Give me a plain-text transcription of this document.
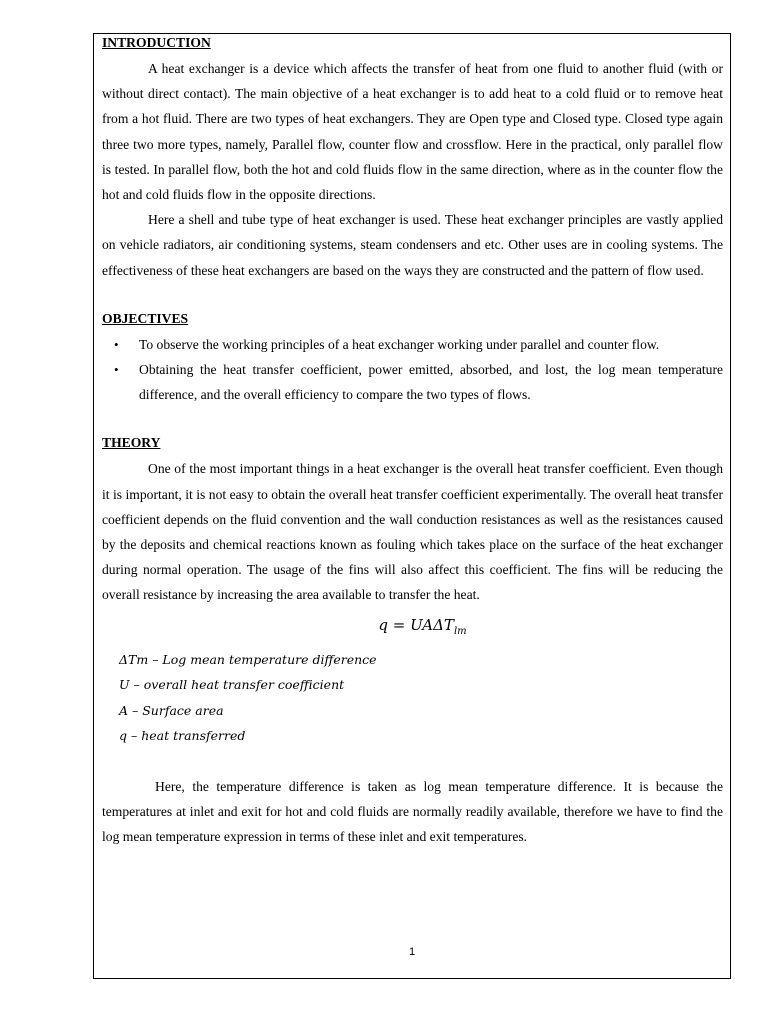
INTRODUCTION

A heat exchanger is a device which affects the transfer of heat from one fluid to another fluid (with or without direct contact). The main objective of a heat exchanger is to add heat to a cold fluid or to remove heat from a hot fluid. There are two types of heat exchangers. They are Open type and Closed type. Closed type again three two more types, namely, Parallel flow, counter flow and crossflow. Here in the practical, only parallel flow is tested. In parallel flow, both the hot and cold fluids flow in the same direction, where as in the counter flow the hot and cold fluids flow in the opposite directions.

Here a shell and tube type of heat exchanger is used. These heat exchanger principles are vastly applied on vehicle radiators, air conditioning systems, steam condensers and etc. Other uses are in cooling systems. The effectiveness of these heat exchangers are based on the ways they are constructed and the pattern of flow used.

OBJECTIVES
• To observe the working principles of a heat exchanger working under parallel and counter flow.
• Obtaining the heat transfer coefficient, power emitted, absorbed, and lost, the log mean temperature difference, and the overall efficiency to compare the two types of flows.
THEORY

One of the most important things in a heat exchanger is the overall heat transfer coefficient. Even though it is important, it is not easy to obtain the overall heat transfer coefficient experimentally. The overall heat transfer coefficient depends on the fluid convention and the wall conduction resistances as well as the resistances caused by the deposits and chemical reactions known as fouling which takes place on the surface of the heat exchanger during normal operation. The usage of the fins will also affect this coefficient. The fins will be reducing the overall resistance by increasing the area available to transfer the heat.

$q = UA\Delta T_{lm}$
ΔTm – Log mean temperature difference
U – overall heat transfer coefficient
A – Surface area
q – heat transferred

Here, the temperature difference is taken as log mean temperature difference. It is because the temperatures at inlet and exit for hot and cold fluids are normally readily available, therefore we have to find the log mean temperature expression in terms of these inlet and exit temperatures.

1
